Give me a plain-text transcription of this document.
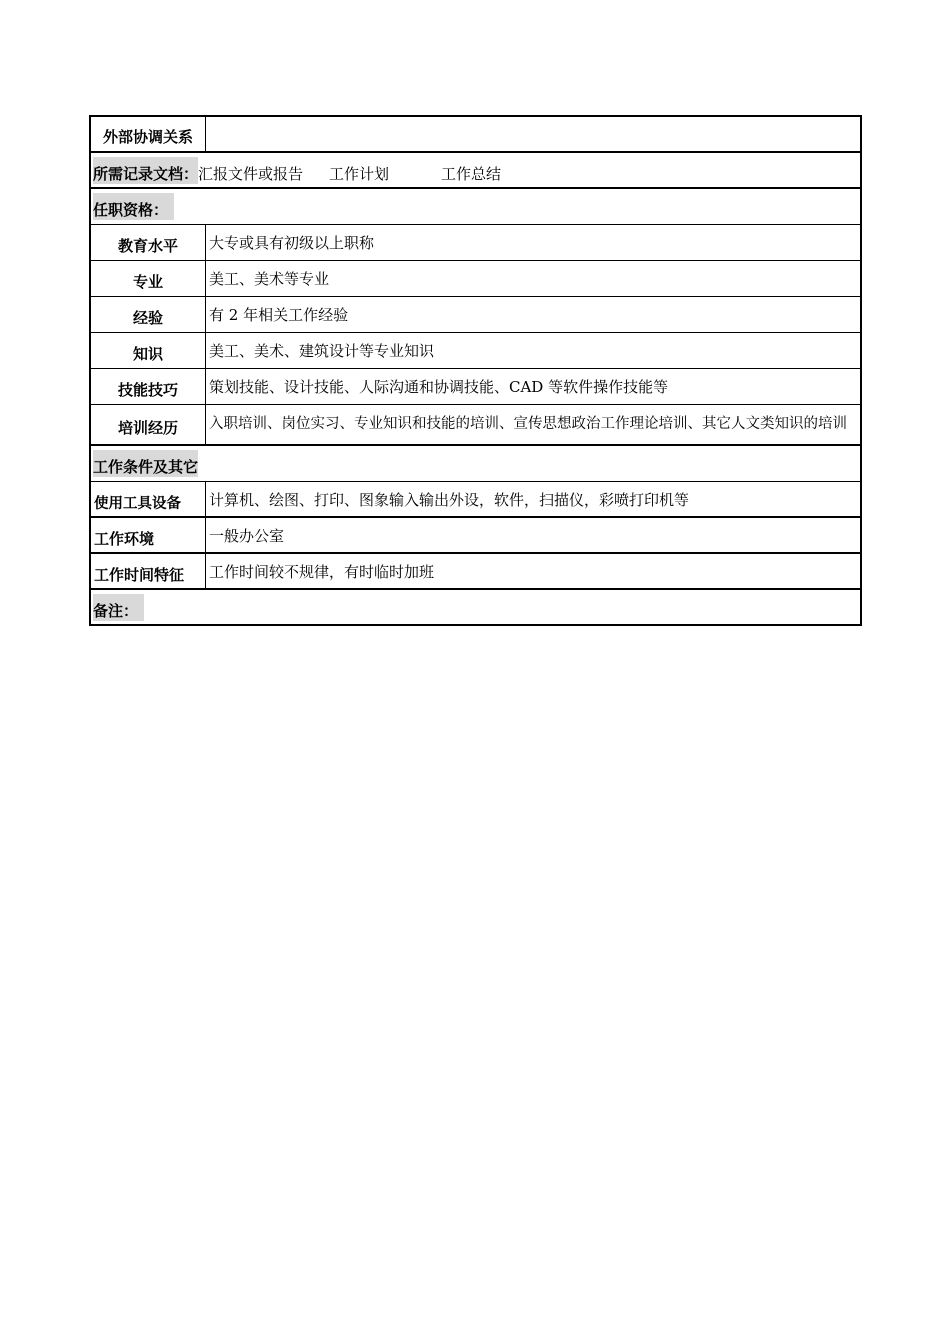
外部协调关系
所需记录文档： 汇报文件或报告 工作计划	工作总结
任职资格：
教育水平	大专或具有初级以上职称
专业	美工、美术等专业
经验	有 2 年相关工作经验
知识	美工、美术、建筑设计等专业知识
技能技巧	策划技能、设计技能、人际沟通和协调技能、CAD 等软件操作技能等
培训经历	入职培训、岗位实习、专业知识和技能的培训、宣传思想政治工作理论培训、其它人文类知识的培训
工作条件及其它
使用工具设备	计算机、绘图、打印、图象输入输出外设，软件，扫描仪，彩喷打印机等
工作环境	一般办公室
工作时间特征	工作时间较不规律，有时临时加班
备注：
